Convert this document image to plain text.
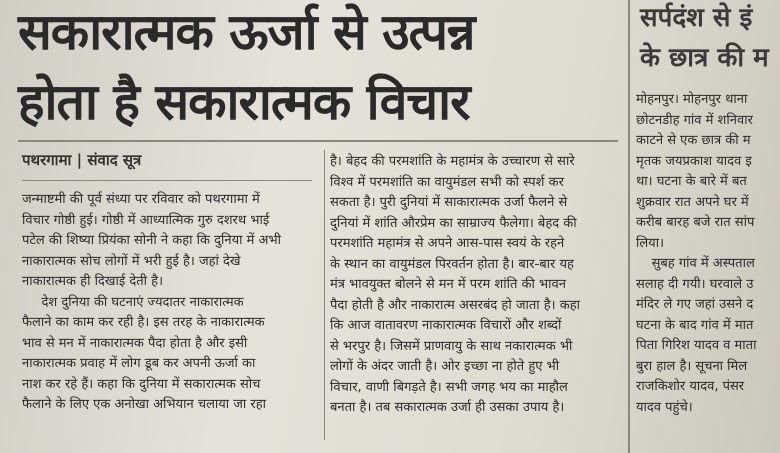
सकारात्मक ऊर्जा से उत्पन्न
होता है सकारात्मक विचार
पथरगामा | संवाद सूत्र

जन्माष्टमी की पूर्व संध्या पर रविवार को पथरगामा में

विचार गोष्ठी हुई। गोष्ठी में आध्यात्मिक गुरु दशरथ भाई

पटेल की शिष्या प्रियंका सोनी ने कहा कि दुनिया में अभी

नाकारात्मक सोच लोगों में भरी हुई है। जहां देखे

नाकारात्मक ही दिखाई देती है।

देश दुनिया की घटनाएं ज्यदातर नाकारात्मक

फैलाने का काम कर रही है। इस तरह के नाकारात्मक

भाव से मन में नाकारात्मक पैदा होता है और इसी

नाकारात्मक प्रवाह में लोग डूब कर अपनी ऊर्जा का

नाश कर रहे हैं। कहा कि दुनिया में सकारात्मक सोच

फैलाने के लिए एक अनोखा अभियान चलाया जा रहा

है। बेहद की परमशांति के महामंत्र के उच्चारण से सारे

विश्व में परमशांति का वायुमंडल सभी को स्पर्श कर

सकता है। पुरी दुनियां में साकारात्मक उर्जा फैलने से

दुनियां में शांति औरप्रेम का साम्राज्य फैलेगा। बेहद की

परमशांति महामंत्र से अपने आस-पास स्वयं के रहने

के स्थान का वायुमंडल पिरवर्तन होता है। बार-बार यह

मंत्र भावयुक्त बोलने से मन में परम शांति की भावन

पैदा होती है और नाकारात्म असरबंद हो जाता है। कहा

कि आज वातावरण नाकारात्मक विचारों और शब्दों

से भरपुर है। जिसमें प्राणवायु के साथ नकारात्मक भी

लोगों के अंदर जाती है। ओर इच्छा ना होते हुए भी

विचार, वाणी बिगड़ते है। सभी जगह भय का माहौल

बनता है। तब सकारात्मक उर्जा ही उसका उपाय है।

सर्पदंश से इं
के छात्र की म

मोहनपुर। मोहनपुर थाना

छोटनडीह गांव में शनिवार

काटने से एक छात्र की म

मृतक जयप्रकाश यादव इ

था। घटना के बारे में बत

शुक्रवार रात अपने घर में

करीब बारह बजे रात सांप

लिया।

सुबह गांव में अस्पताल

सलाह दी गयी। घरवाले उ

मंदिर ले गए जहां उसने द

घटना के बाद गांव में मात

पिता गिरिश यादव व माता

बुरा हाल है। सूचना मिल

राजकिशोर यादव, पंसर

यादव पहुंचे।
